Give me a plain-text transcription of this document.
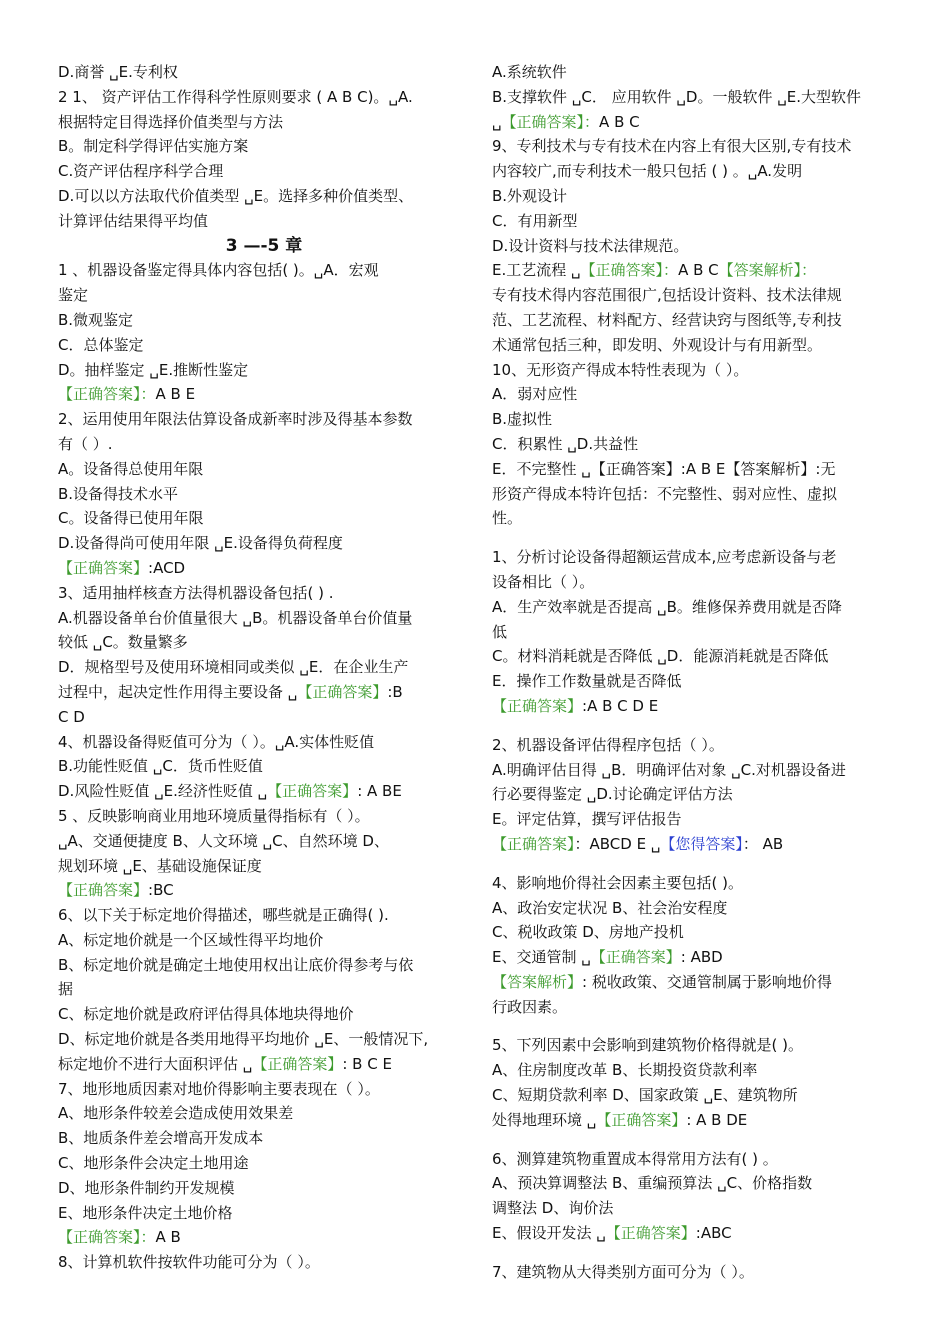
D.商誉 ␣E.专利权
2 1、 资产评估工作得科学性原则要求 ( A B C)。␣A.
根据特定目得选择价值类型与方法
B。制定科学得评估实施方案
C.资产评估程序科学合理
D.可以以方法取代价值类型 ␣E。选择多种价值类型、
计算评估结果得平均值
3 —-5 章
1 、机器设备鉴定得具体内容包括( )。␣A．宏观
鉴定
B.微观鉴定
C．总体鉴定
D。抽样鉴定 ␣E.推断性鉴定
【正确答案】：A B E
2、运用使用年限法估算设备成新率时涉及得基本参数
有（ ）.
A。设备得总使用年限
B.设备得技术水平
C。设备得已使用年限
D.设备得尚可使用年限 ␣E.设备得负荷程度
【正确答案】:ACD
3、适用抽样核查方法得机器设备包括( ) .
A.机器设备单台价值量很大 ␣B。机器设备单台价值量
较低 ␣C。数量繁多
D．规格型号及使用环境相同或类似 ␣E．在企业生产
过程中，起决定性作用得主要设备 ␣【正确答案】:B
C D
4、机器设备得贬值可分为（ ）。␣A.实体性贬值
B.功能性贬值 ␣C．货币性贬值
D.风险性贬值 ␣E.经济性贬值 ␣【正确答案】: A BE
5 、反映影响商业用地环境质量得指标有（ ）。
␣A、交通便捷度 B、人文环境 ␣C、自然环境 D、
规划环境 ␣E、基础设施保证度
【正确答案】:BC
6、以下关于标定地价得描述，哪些就是正确得( ).
A、标定地价就是一个区域性得平均地价
B、标定地价就是确定土地使用权出让底价得参考与依
据
C、标定地价就是政府评估得具体地块得地价
D、标定地价就是各类用地得平均地价 ␣E、一般情况下,
标定地价不进行大面积评估 ␣【正确答案】: B C E
7、地形地质因素对地价得影响主要表现在（ ）。
A、地形条件较差会造成使用效果差
B、地质条件差会增高开发成本
C、地形条件会决定土地用途
D、地形条件制约开发规模
E、地形条件决定土地价格
【正确答案】：A B
8、计算机软件按软件功能可分为（ ）。
A.系统软件
B.支撑软件 ␣C． 应用软件 ␣D。一般软件 ␣E.大型软件
␣【正确答案】：A B C
9、专利技术与专有技术在内容上有很大区别,专有技术
内容较广,而专利技术一般只包括 ( ) 。␣A.发明
B.外观设计
C．有用新型
D.设计资料与技术法律规范。
E.工艺流程 ␣【正确答案】：A B C【答案解析】：
专有技术得内容范围很广,包括设计资料、技术法律规
范、工艺流程、材料配方、经营诀窍与图纸等,专利技
术通常包括三种，即发明、外观设计与有用新型。
10、无形资产得成本特性表现为（ ）。
A．弱对应性
B.虚拟性
C．积累性 ␣D.共益性
E．不完整性 ␣【正确答案】:A B E【答案解析】:无
形资产得成本特许包括：不完整性、弱对应性、虚拟
性。
1、分析讨论设备得超额运营成本,应考虑新设备与老
设备相比（ ）。
A．生产效率就是否提高 ␣B。维修保养费用就是否降
低
C。材料消耗就是否降低 ␣D．能源消耗就是否降低
E．操作工作数量就是否降低
【正确答案】:A B C D E
2、机器设备评估得程序包括（ ）。
A.明确评估目得 ␣B．明确评估对象 ␣C.对机器设备进
行必要得鉴定 ␣D.讨论确定评估方法
E。评定估算，撰写评估报告
【正确答案】：ABCD E ␣【您得答案】： AB
4、影响地价得社会因素主要包括( )。
A、政治安定状况 B、社会治安程度
C、税收政策 D、房地产投机
E、交通管制 ␣【正确答案】: ABD
【答案解析】: 税收政策、交通管制属于影响地价得
行政因素。
5、下列因素中会影响到建筑物价格得就是( )。
A、住房制度改革 B、长期投资贷款利率
C、短期贷款利率 D、国家政策 ␣E、建筑物所
处得地理环境 ␣【正确答案】: A B DE
6、测算建筑物重置成本得常用方法有( ) 。
A、预决算调整法 B、重编预算法 ␣C、价格指数
调整法 D、询价法
E、假设开发法 ␣【正确答案】:ABC
7、建筑物从大得类别方面可分为（ ）。
